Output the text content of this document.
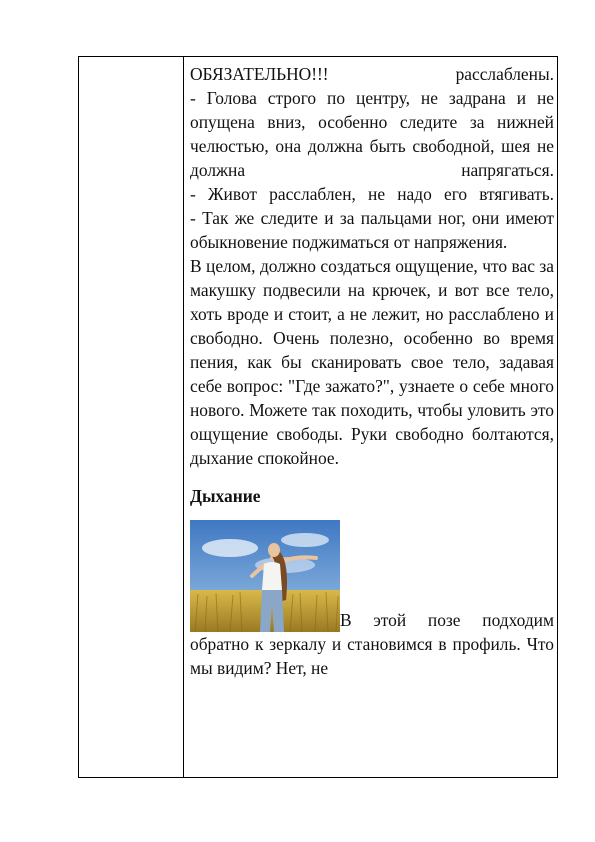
ОБЯЗАТЕЛЬНО!!! расслаблены.

- Голова строго по центру, не задрана и не опущена вниз, особенно следите за нижней челюстью, она должна быть свободной, шея не должна напрягаться.

- Живот расслаблен, не надо его втягивать.

- Так же следите и за пальцами ног, они имеют обыкновение поджиматься от напряжения.

В целом, должно создаться ощущение, что вас за макушку подвесили на крючек, и вот все тело, хоть вроде и стоит, а не лежит, но расслаблено и свободно. Очень полезно, особенно во время пения, как бы сканировать свое тело, задавая себе вопрос: "Где зажато?", узнаете о себе много нового. Можете так походить, чтобы уловить это ощущение свободы. Руки свободно болтаются, дыхание спокойное.

Дыхание

В этой позе подходим обратно к зеркалу и становимся в профиль. Что мы видим? Нет, не
